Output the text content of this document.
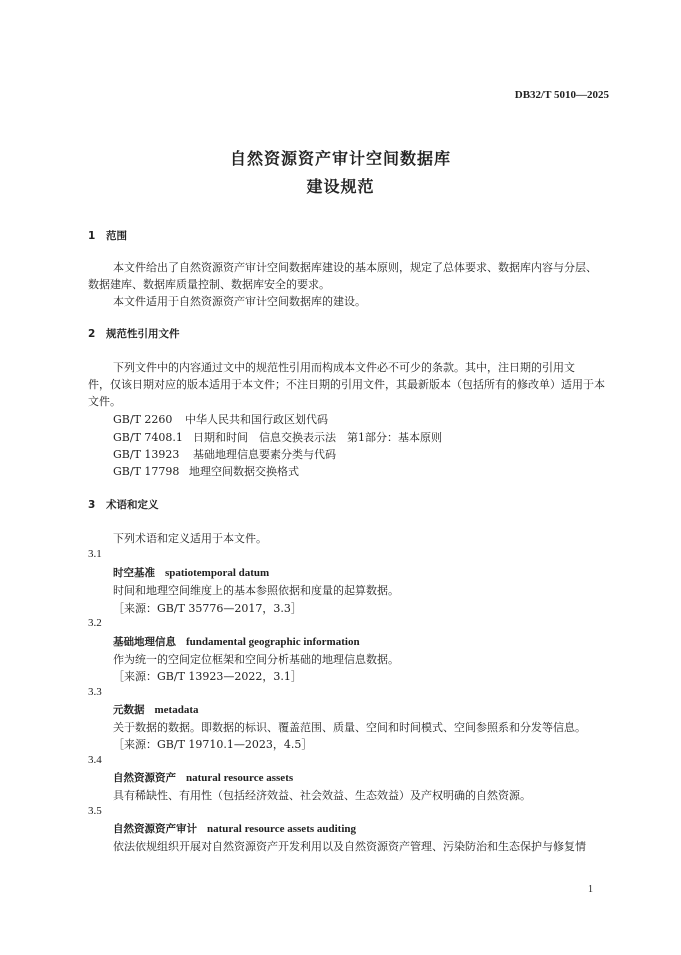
DB32/T 5010—2025
自然资源资产审计空间数据库
建设规范
1 范围
本文件给出了自然资源资产审计空间数据库建设的基本原则，规定了总体要求、数据库内容与分层、
数据建库、数据库质量控制、数据库安全的要求。
本文件适用于自然资源资产审计空间数据库的建设。
2 规范性引用文件
下列文件中的内容通过文中的规范性引用而构成本文件必不可少的条款。其中，注日期的引用文
件，仅该日期对应的版本适用于本文件；不注日期的引用文件，其最新版本（包括所有的修改单）适用于本
文件。
GB/T 2260 中华人民共和国行政区划代码
GB/T 7408.1 日期和时间　信息交换表示法　第1部分：基本原则
GB/T 13923 基础地理信息要素分类与代码
GB/T 17798 地理空间数据交换格式
3 术语和定义
下列术语和定义适用于本文件。
3.1
时空基准 spatiotemporal datum
时间和地理空间维度上的基本参照依据和度量的起算数据。
［来源：GB/T 35776—2017，3.3］
3.2
基础地理信息 fundamental geographic information
作为统一的空间定位框架和空间分析基础的地理信息数据。
［来源：GB/T 13923—2022，3.1］
3.3
元数据 metadata
关于数据的数据。即数据的标识、覆盖范围、质量、空间和时间模式、空间参照系和分发等信息。
［来源：GB/T 19710.1—2023，4.5］
3.4
自然资源资产 natural resource assets
具有稀缺性、有用性（包括经济效益、社会效益、生态效益）及产权明确的自然资源。
3.5
自然资源资产审计 natural resource assets auditing
依法依规组织开展对自然资源资产开发利用以及自然资源资产管理、污染防治和生态保护与修复情
1
